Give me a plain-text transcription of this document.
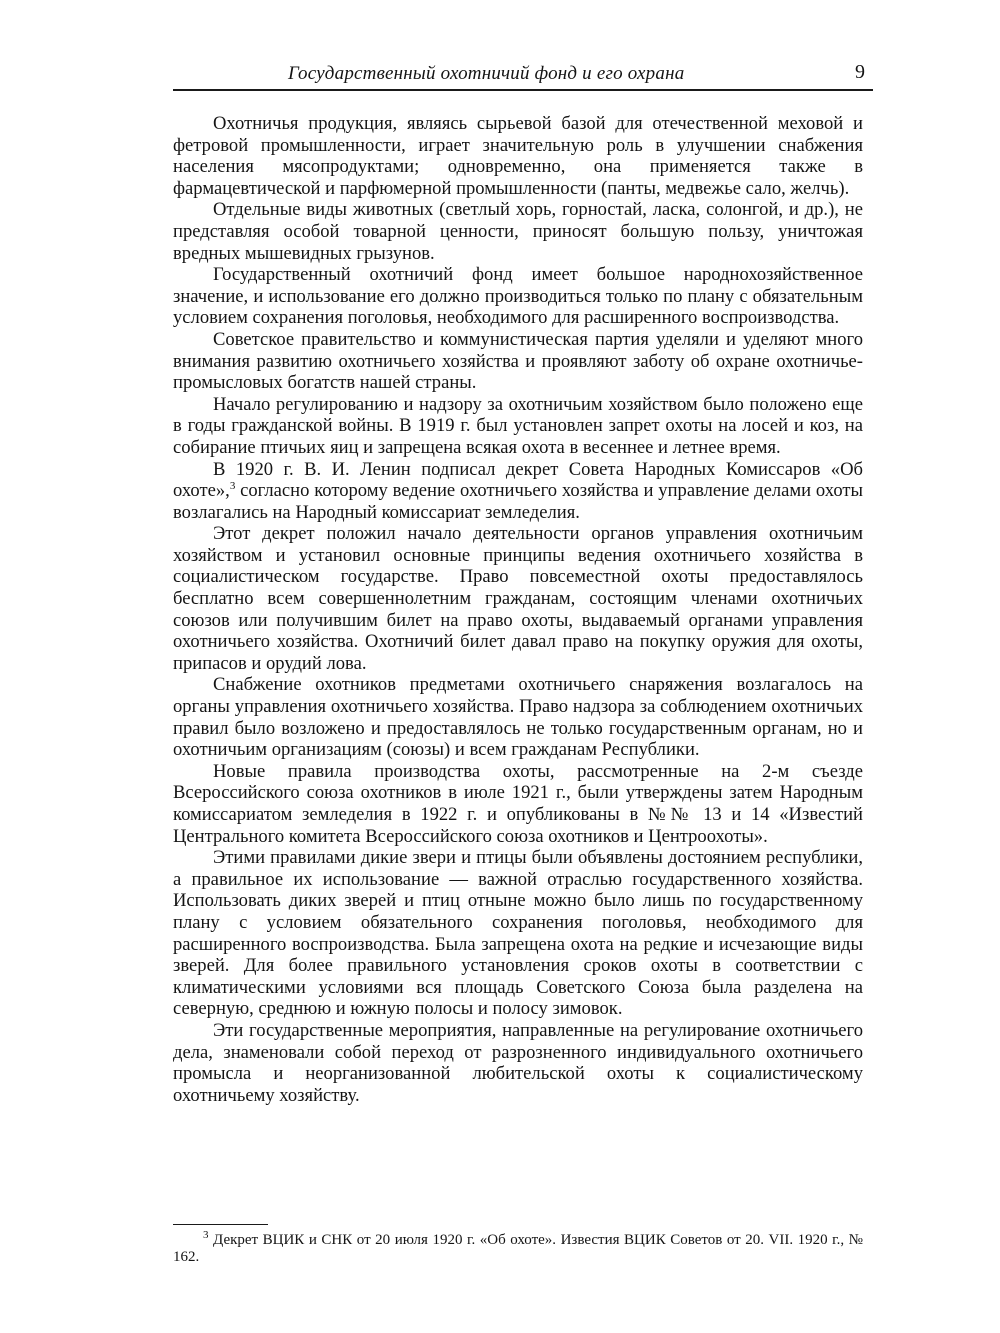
Государственный охотничий фонд и его охрана	9

Охотничья продукция, являясь сырьевой базой для отечественной меховой и фетровой промышленности, играет значительную роль в улучшении снабжения населения мясопродуктами; одновременно, она применяется также в фармацевтической и парфюмерной промышленности (панты, медвежье сало, желчь).

Отдельные виды животных (светлый хорь, горностай, ласка, солонгой, и др.), не представляя особой товарной ценности, приносят большую пользу, уничтожая вредных мышевидных грызунов.

Государственный охотничий фонд имеет большое народнохозяйственное значение, и использование его должно производиться только по плану с обязательным условием сохранения поголовья, необходимого для расширенного воспроизводства.

Советское правительство и коммунистическая партия уделяли и уделяют много внимания развитию охотничьего хозяйства и проявляют заботу об охране охотничье-промысловых богатств нашей страны.

Начало регулированию и надзору за охотничьим хозяйством было положено еще в годы гражданской войны. В 1919 г. был установлен запрет охоты на лосей и коз, на собирание птичьих яиц и запрещена всякая охота в весеннее и летнее время.

В 1920 г. В. И. Ленин подписал декрет Совета Народных Комиссаров «Об охоте»,$^3$ согласно которому ведение охотничьего хозяйства и управление делами охоты возлагались на Народный комиссариат земледелия.

Этот декрет положил начало деятельности органов управления охотничьим хозяйством и установил основные принципы ведения охотничьего хозяйства в социалистическом государстве. Право повсеместной охоты предоставлялось бесплатно всем совершеннолетним гражданам, состоящим членами охотничьих союзов или получившим билет на право охоты, выдаваемый органами управления охотничьего хозяйства. Охотничий билет давал право на покупку оружия для охоты, припасов и орудий лова.

Снабжение охотников предметами охотничьего снаряжения возлагалось на органы управления охотничьего хозяйства. Право надзора за соблюдением охотничьих правил было возложено и предоставлялось не только государственным органам, но и охотничьим организациям (союзы) и всем гражданам Республики.

Новые правила производства охоты, рассмотренные на 2-м съезде Всероссийского союза охотников в июле 1921 г., были утверждены затем Народным комиссариатом земледелия в 1922 г. и опубликованы в №№ 13 и 14 «Известий Центрального комитета Всероссийского союза охотников и Центроохоты».

Этими правилами дикие звери и птицы были объявлены достоянием республики, а правильное их использование — важной отраслью государственного хозяйства. Использовать диких зверей и птиц отныне можно было лишь по государственному плану с условием обязательного сохранения поголовья, необходимого для расширенного воспроизводства. Была запрещена охота на редкие и исчезающие виды зверей. Для более правильного установления сроков охоты в соответствии с климатическими условиями вся площадь Советского Союза была разделена на северную, среднюю и южную полосы и полосу зимовок.

Эти государственные мероприятия, направленные на регулирование охотничьего дела, знаменовали собой переход от разрозненного индивидуального охотничьего промысла и неорганизованной любительской охоты к социалистическому охотничьему хозяйству.

$^3$ Декрет ВЦИК и СНК от 20 июля 1920 г. «Об охоте». Известия ВЦИК Советов от 20. VII. 1920 г., № 162.
